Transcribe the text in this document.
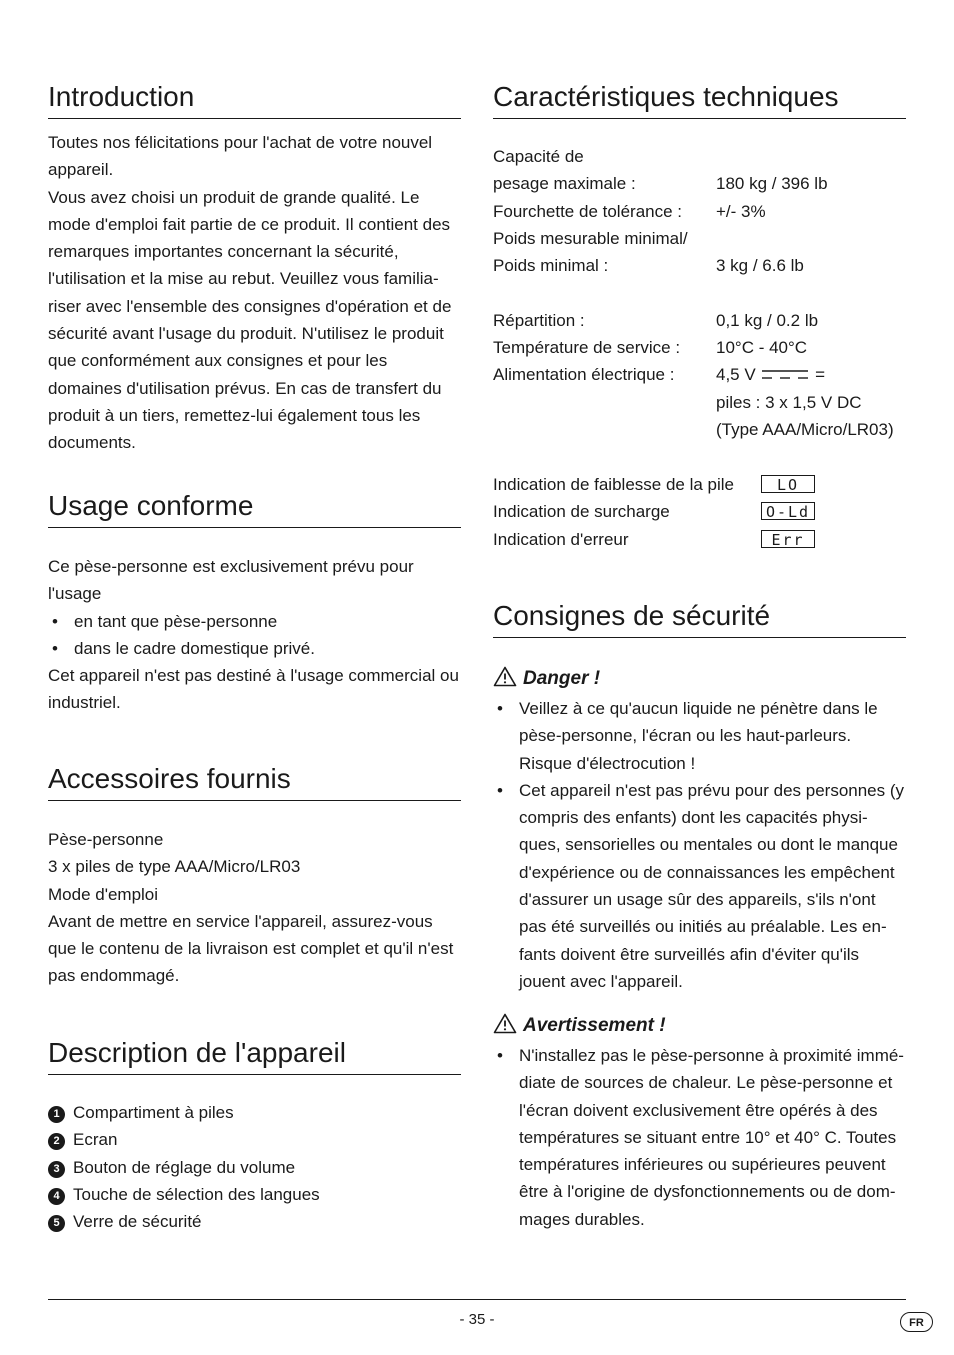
Introduction

Toutes nos félicitations pour l'achat de votre nouvel appareil.

Vous avez choisi un produit de grande qualité. Le mode d'emploi fait partie de ce produit. Il contient des remarques importantes concernant la sécurité, l'utilisation et la mise au rebut. Veuillez vous familia-riser avec l'ensemble des consignes d'opération et de sécurité avant l'usage du produit. N'utilisez le produit que conformément aux consignes et pour les domaines d'utilisation prévus. En cas de transfert du produit à un tiers, remettez-lui également tous les documents.

Usage conforme

Ce pèse-personne est exclusivement prévu pour l'usage

• en tant que pèse-personne
• dans le cadre domestique privé.

Cet appareil n'est pas destiné à l'usage commercial ou industriel.

Accessoires fournis

Pèse-personne

3 x piles de type AAA/Micro/LR03

Mode d'emploi

Avant de mettre en service l'appareil, assurez-vous que le contenu de la livraison est complet et qu'il n'est pas endommagé.

Description de l'appareil

1 Compartiment à piles

2 Ecran

3 Bouton de réglage du volume

4 Touche de sélection des langues

5 Verre de sécurité

Caractéristiques techniques
Capacité de
pesage maximale :	180 kg / 396 lb
Fourchette de tolérance :	+/- 3%
Poids mesurable minimal/
Poids minimal :	3 kg / 6.6 lb
Répartition :	0,1 kg / 0.2 lb
Température de service :	10°C - 40°C
Alimentation électrique :	4,5 V	=
piles : 3 x 1,5 V DC
(Type AAA/Micro/LR03)
Indication de faiblesse de la pile	LO
Indication de surcharge	O-Ld
Indication d'erreur	Err
Consignes de sécurité
Danger !
• Veillez à ce qu'aucun liquide ne pénètre dans le pèse-personne, l'écran ou les haut-parleurs. Risque d'électrocution !
• Cet appareil n'est pas prévu pour des personnes (y compris des enfants) dont les capacités physi-ques, sensorielles ou mentales ou dont le manque d'expérience ou de connaissances les empêchent d'assurer un usage sûr des appareils, s'ils n'ont pas été surveillés ou initiés au préalable. Les en-fants doivent être surveillés afin d'éviter qu'ils jouent avec l'appareil.
Avertissement !
• N'installez pas le pèse-personne à proximité immé-diate de sources de chaleur. Le pèse-personne et l'écran doivent exclusivement être opérés à des températures se situant entre 10° et 40° C. Toutes températures inférieures ou supérieures peuvent être à l'origine de dysfonctionnements ou de dom-mages durables.
- 35 -	FR
